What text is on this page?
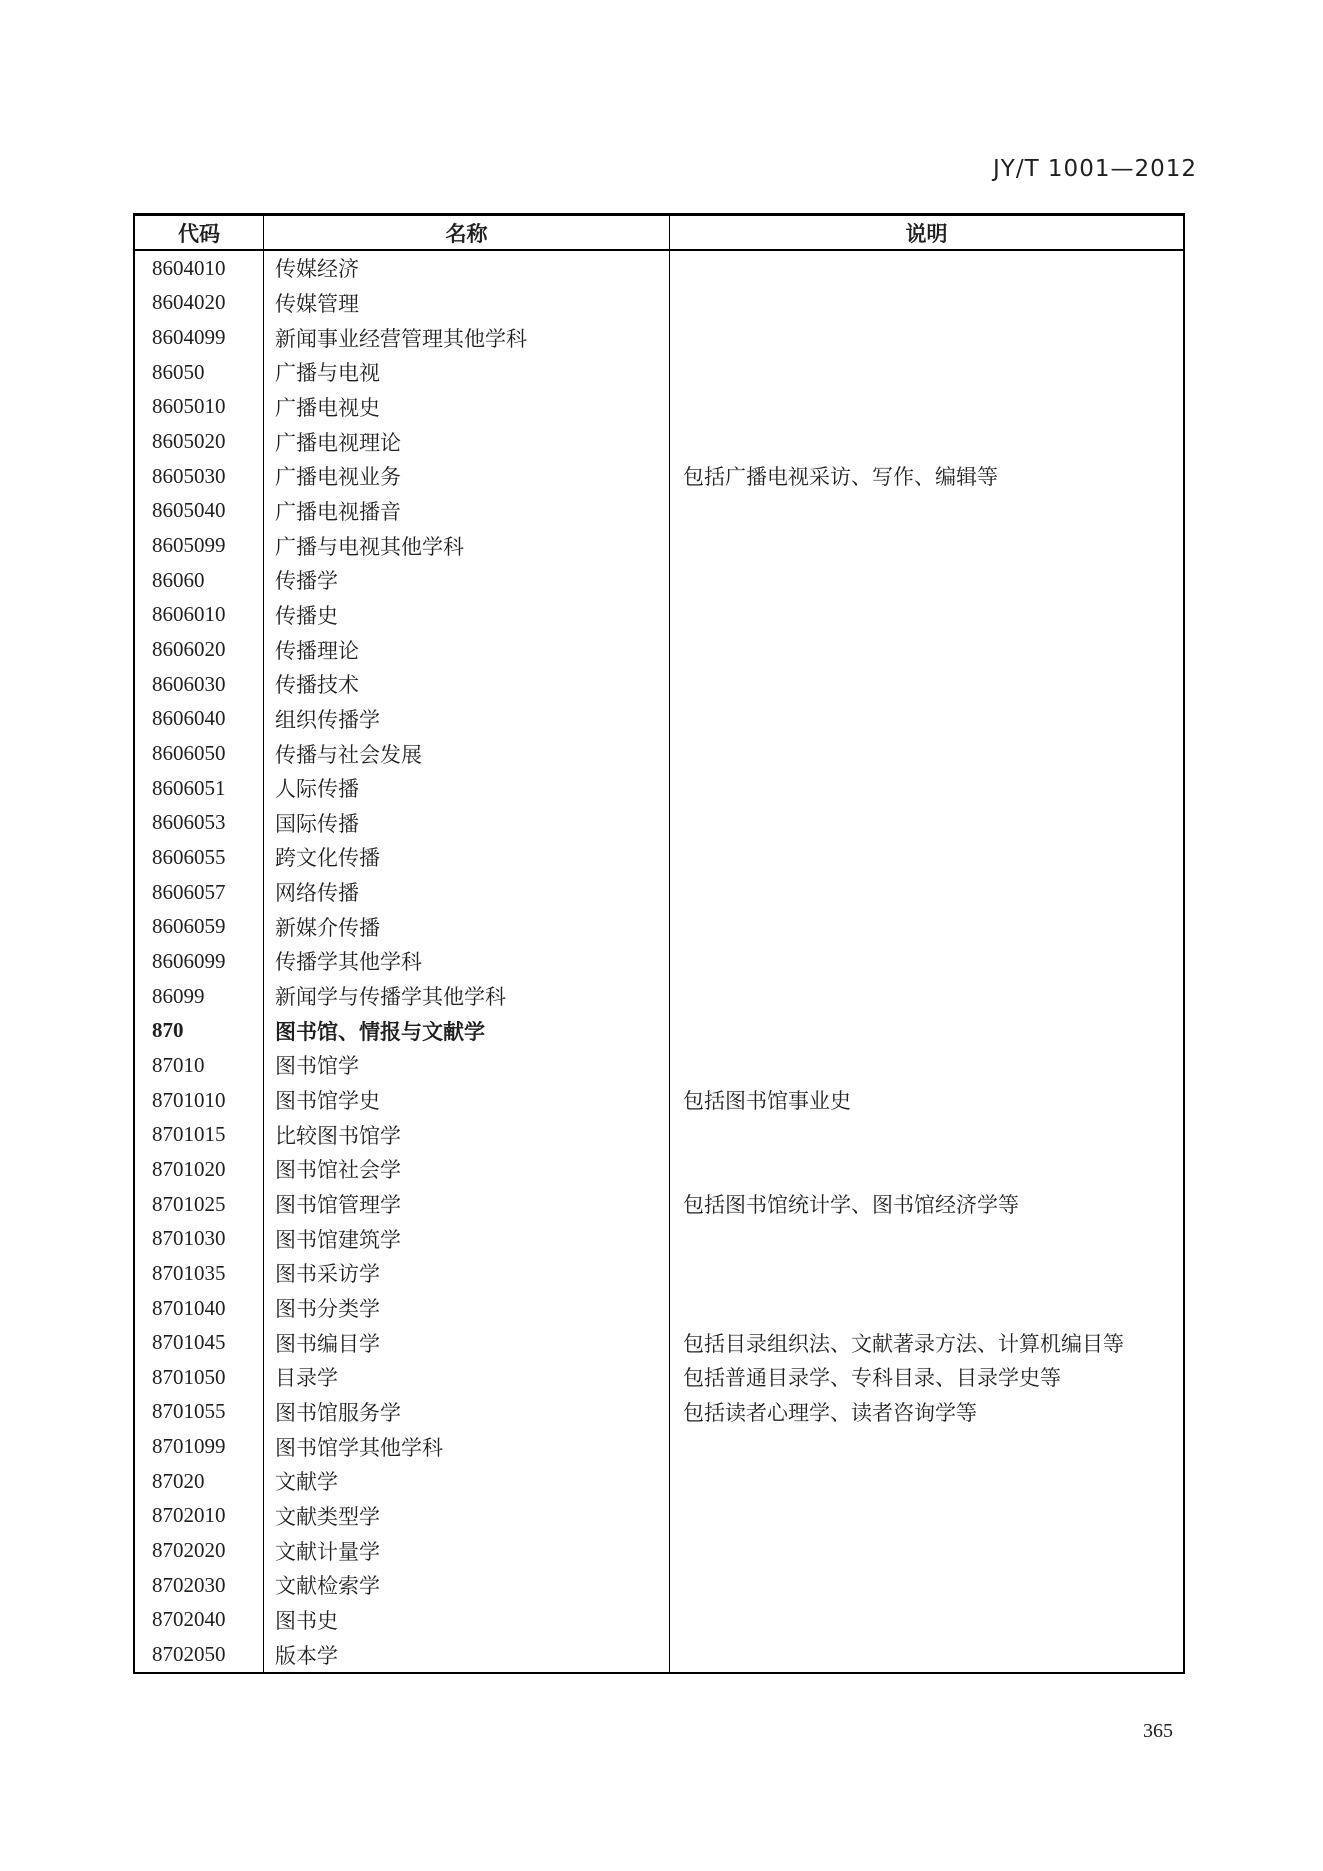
JY/T 1001—2012
代码	名称	说明
8604010	传媒经济
8604020	传媒管理
8604099	新闻事业经营管理其他学科
86050	广播与电视
8605010	广播电视史
8605020	广播电视理论
8605030	广播电视业务	包括广播电视采访、写作、编辑等
8605040	广播电视播音
8605099	广播与电视其他学科
86060	传播学
8606010	传播史
8606020	传播理论
8606030	传播技术
8606040	组织传播学
8606050	传播与社会发展
8606051	人际传播
8606053	国际传播
8606055	跨文化传播
8606057	网络传播
8606059	新媒介传播
8606099	传播学其他学科
86099	新闻学与传播学其他学科
870	图书馆、情报与文献学
87010	图书馆学
8701010	图书馆学史	包括图书馆事业史
8701015	比较图书馆学
8701020	图书馆社会学
8701025	图书馆管理学	包括图书馆统计学、图书馆经济学等
8701030	图书馆建筑学
8701035	图书采访学
8701040	图书分类学
8701045	图书编目学	包括目录组织法、文献著录方法、计算机编目等
8701050	目录学	包括普通目录学、专科目录、目录学史等
8701055	图书馆服务学	包括读者心理学、读者咨询学等
8701099	图书馆学其他学科
87020	文献学
8702010	文献类型学
8702020	文献计量学
8702030	文献检索学
8702040	图书史
8702050	版本学
365
